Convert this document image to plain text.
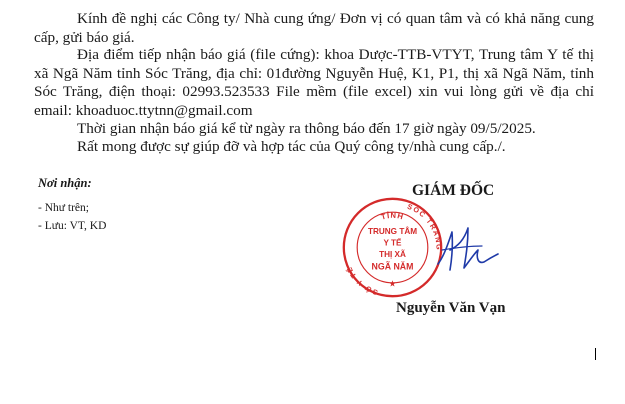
Kính đề nghị các Công ty/ Nhà cung ứng/ Đơn vị có quan tâm và có khả năng cung cấp, gửi báo giá.

Địa điểm tiếp nhận báo giá (file cứng): khoa Dược-TTB-VTYT, Trung tâm Y tế thị xã Ngã Năm tỉnh Sóc Trăng, địa chỉ: 01đường Nguyễn Huệ, K1, P1, thị xã Ngã Năm, tỉnh Sóc Trăng, điện thoại: 02993.523533 File mềm (file excel) xin vui lòng gửi về địa chỉ email: khoaduoc.ttytnn@gmail.com

Thời gian nhận báo giá kể từ ngày ra thông báo đến 17 giờ ngày 09/5/2025.

Rất mong được sự giúp đỡ và hợp tác của Quý công ty/nhà cung cấp./.

Nơi nhận:
- Như trên;
- Lưu: VT, KD
GIÁM ĐỐC
TỈNH
SÓC TRĂNG
SỞ Y TẾ
TRUNG TÂM
Y TẾ
THỊ XÃ
NGÃ NĂM
★
Nguyễn Văn Vạn
